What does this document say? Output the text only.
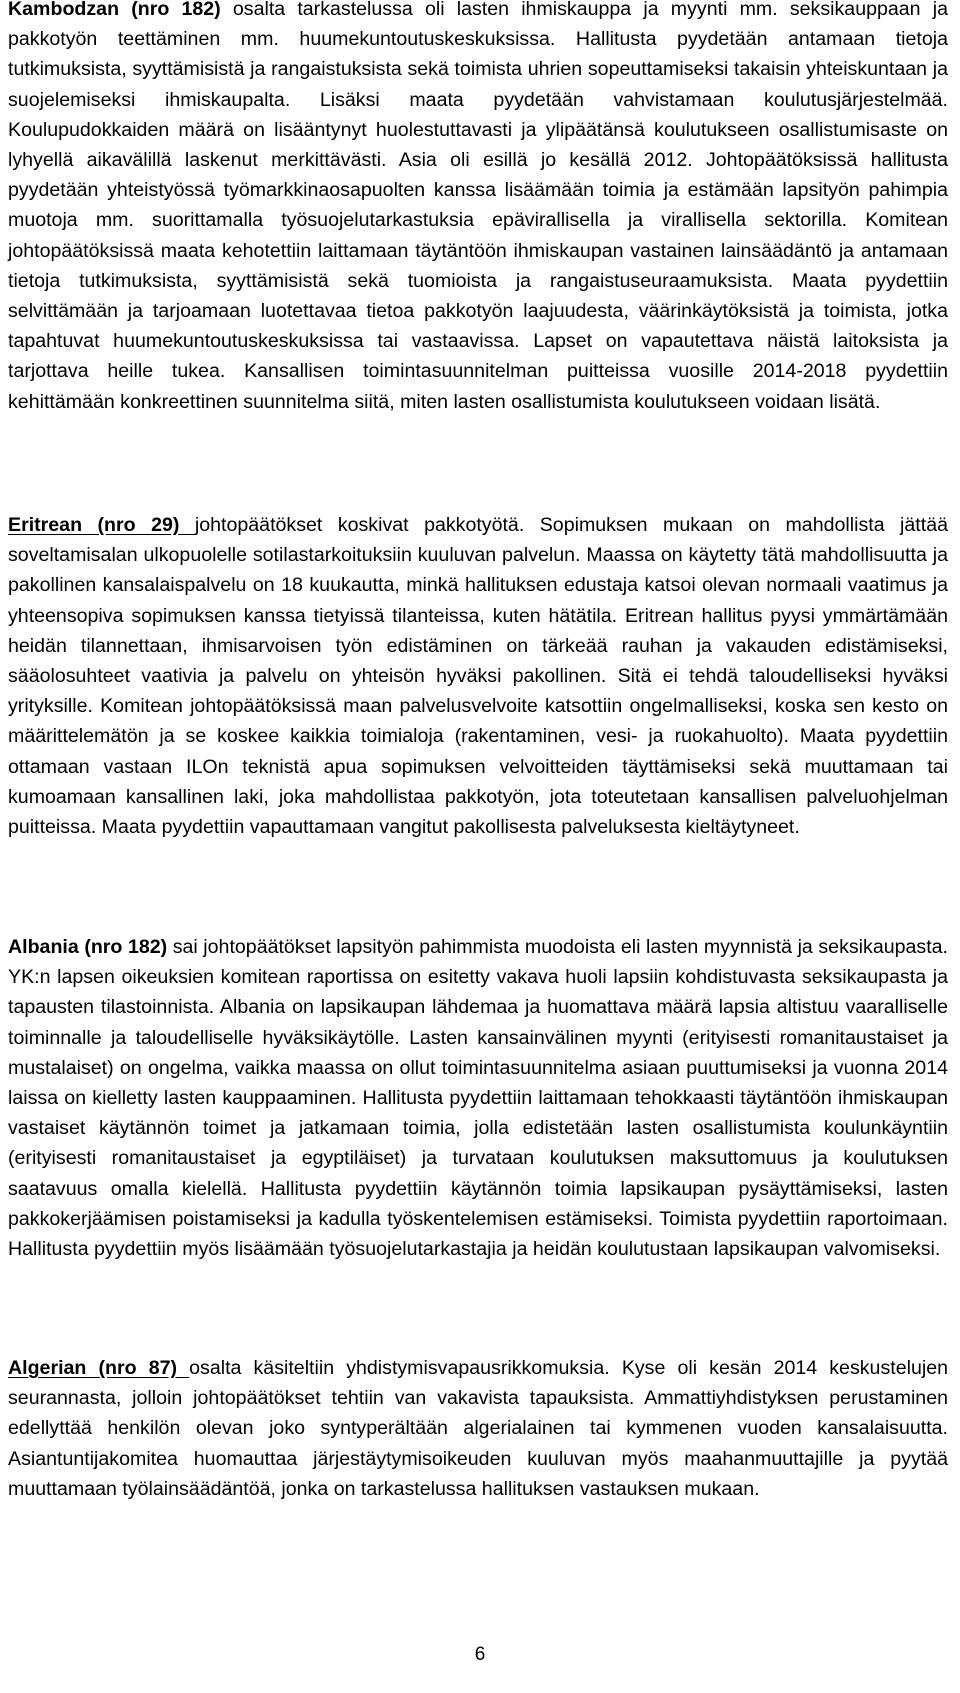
Kambodzan (nro 182) osalta tarkastelussa oli lasten ihmiskauppa ja myynti mm. seksikauppaan ja pakkotyön teettäminen mm. huumekuntoutuskeskuksissa. Hallitusta pyydetään antamaan tietoja tutkimuksista, syyttämisistä ja rangaistuksista sekä toimista uhrien sopeuttamiseksi takaisin yhteiskuntaan ja suojelemiseksi ihmiskaupalta. Lisäksi maata pyydetään vahvistamaan koulutusjärjestelmää. Koulupudokkaiden määrä on lisääntynyt huolestuttavasti ja ylipäätänsä koulutukseen osallistumisaste on lyhyellä aikavälillä laskenut merkittävästi. Asia oli esillä jo kesällä 2012. Johtopäätöksissä hallitusta pyydetään yhteistyössä työmarkkinaosapuolten kanssa lisäämään toimia ja estämään lapsityön pahimpia muotoja mm. suorittamalla työsuojelutarkastuksia epävirallisella ja virallisella sektorilla. Komitean johtopäätöksissä maata kehotettiin laittamaan täytäntöön ihmiskaupan vastainen lainsäädäntö ja antamaan tietoja tutkimuksista, syyttämisistä sekä tuomioista ja rangaistuseuraamuksista. Maata pyydettiin selvittämään ja tarjoamaan luotettavaa tietoa pakkotyön laajuudesta, väärinkäytöksistä ja toimista, jotka tapahtuvat huumekuntoutuskeskuksissa tai vastaavissa. Lapset on vapautettava näistä laitoksista ja tarjottava heille tukea. Kansallisen toimintasuunnitelman puitteissa vuosille 2014-2018 pyydettiin kehittämään konkreettinen suunnitelma siitä, miten lasten osallistumista koulutukseen voidaan lisätä.

Eritrean (nro 29) johtopäätökset koskivat pakkotyötä. Sopimuksen mukaan on mahdollista jättää soveltamisalan ulkopuolelle sotilastarkoituksiin kuuluvan palvelun. Maassa on käytetty tätä mahdollisuutta ja pakollinen kansalaispalvelu on 18 kuukautta, minkä hallituksen edustaja katsoi olevan normaali vaatimus ja yhteensopiva sopimuksen kanssa tietyissä tilanteissa, kuten hätätila. Eritrean hallitus pyysi ymmärtämään heidän tilannettaan, ihmisarvoisen työn edistäminen on tärkeää rauhan ja vakauden edistämiseksi, sääolosuhteet vaativia ja palvelu on yhteisön hyväksi pakollinen. Sitä ei tehdä taloudelliseksi hyväksi yrityksille. Komitean johtopäätöksissä maan palvelusvelvoite katsottiin ongelmalliseksi, koska sen kesto on määrittelemätön ja se koskee kaikkia toimialoja (rakentaminen, vesi- ja ruokahuolto). Maata pyydettiin ottamaan vastaan ILOn teknistä apua sopimuksen velvoitteiden täyttämiseksi sekä muuttamaan tai kumoamaan kansallinen laki, joka mahdollistaa pakkotyön, jota toteutetaan kansallisen palveluohjelman puitteissa. Maata pyydettiin vapauttamaan vangitut pakollisesta palveluksesta kieltäytyneet.

Albania (nro 182) sai johtopäätökset lapsityön pahimmista muodoista eli lasten myynnistä ja seksikaupasta. YK:n lapsen oikeuksien komitean raportissa on esitetty vakava huoli lapsiin kohdistuvasta seksikaupasta ja tapausten tilastoinnista. Albania on lapsikaupan lähdemaa ja huomattava määrä lapsia altistuu vaaralliselle toiminnalle ja taloudelliselle hyväksikäytölle. Lasten kansainvälinen myynti (erityisesti romanitaustaiset ja mustalaiset) on ongelma, vaikka maassa on ollut toimintasuunnitelma asiaan puuttumiseksi ja vuonna 2014 laissa on kielletty lasten kauppaaminen. Hallitusta pyydettiin laittamaan tehokkaasti täytäntöön ihmiskaupan vastaiset käytännön toimet ja jatkamaan toimia, jolla edistetään lasten osallistumista koulunkäyntiin (erityisesti romanitaustaiset ja egyptiläiset) ja turvataan koulutuksen maksuttomuus ja koulutuksen saatavuus omalla kielellä. Hallitusta pyydettiin käytännön toimia lapsikaupan pysäyttämiseksi, lasten pakkokerjäämisen poistamiseksi ja kadulla työskentelemisen estämiseksi. Toimista pyydettiin raportoimaan. Hallitusta pyydettiin myös lisäämään työsuojelutarkastajia ja heidän koulutustaan lapsikaupan valvomiseksi.

Algerian (nro 87) osalta käsiteltiin yhdistymisvapausrikkomuksia. Kyse oli kesän 2014 keskustelujen seurannasta, jolloin johtopäätökset tehtiin van vakavista tapauksista. Ammattiyhdistyksen perustaminen edellyttää henkilön olevan joko syntyperältään algerialainen tai kymmenen vuoden kansalaisuutta. Asiantuntijakomitea huomauttaa järjestäytymisoikeuden kuuluvan myös maahanmuuttajille ja pyytää muuttamaan työlainsäädäntöä, jonka on tarkastelussa hallituksen vastauksen mukaan.

6
